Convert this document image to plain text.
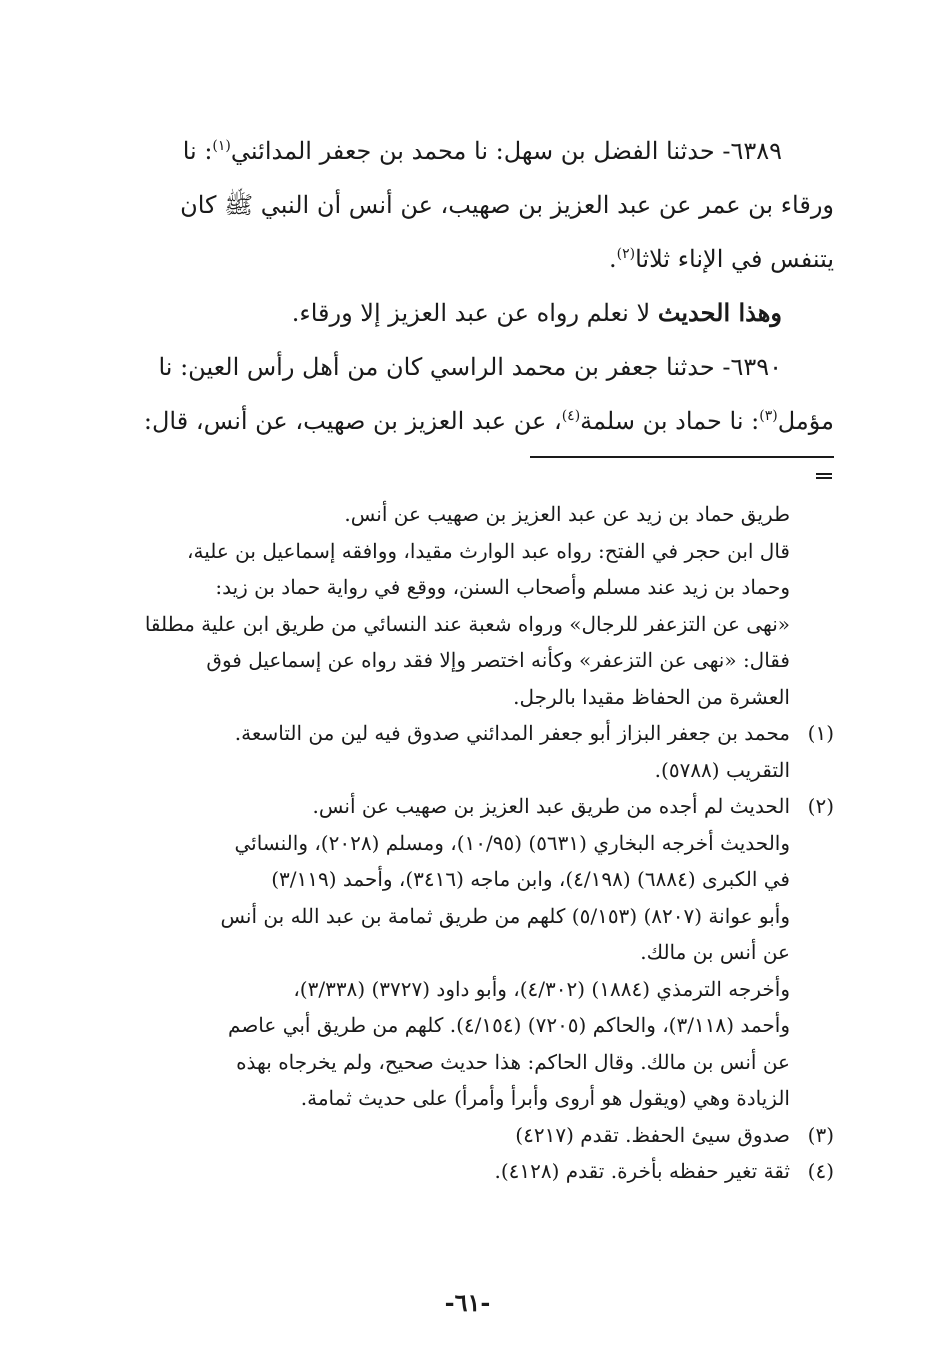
٦٣٨٩- حدثنا الفضل بن سهل: نا محمد بن جعفر المدائني$^{(١)}$: نا

ورقاء بن عمر عن عبد العزيز بن صهيب، عن أنس أن النبي ﷺ كان

يتنفس في الإناء ثلاثا$^{(٢)}$.

وهذا الحديث لا نعلم رواه عن عبد العزيز إلا ورقاء.

٦٣٩٠- حدثنا جعفر بن محمد الراسي كان من أهل رأس العين: نا

مؤمل$^{(٣)}$: نا حماد بن سلمة$^{(٤)}$، عن عبد العزيز بن صهيب، عن أنس، قال:

طريق حماد بن زيد عن عبد العزيز بن صهيب عن أنس.

قال ابن حجر في الفتح: رواه عبد الوارث مقيدا، ووافقه إسماعيل بن علية،

وحماد بن زيد عند مسلم وأصحاب السنن، ووقع في رواية حماد بن زيد:

«نهى عن التزعفر للرجال» ورواه شعبة عند النسائي من طريق ابن علية مطلقا

فقال: «نهى عن التزعفر» وكأنه اختصر وإلا فقد رواه عن إسماعيل فوق

العشرة من الحفاظ مقيدا بالرجل.

(١)

محمد بن جعفر البزاز أبو جعفر المدائني صدوق فيه لين من التاسعة.

التقريب (٥٧٨٨).

(٢)

الحديث لم أجده من طريق عبد العزيز بن صهيب عن أنس.

والحديث أخرجه البخاري (٥٦٣١) (١٠/٩٥)، ومسلم (٢٠٢٨)، والنسائي

في الكبرى (٦٨٨٤) (٤/١٩٨)، وابن ماجه (٣٤١٦)، وأحمد (٣/١١٩)

وأبو عوانة (٨٢٠٧) (٥/١٥٣) كلهم من طريق ثمامة بن عبد الله بن أنس

عن أنس بن مالك.

وأخرجه الترمذي (١٨٨٤) (٤/٣٠٢)، وأبو داود (٣٧٢٧) (٣/٣٣٨)،

وأحمد (٣/١١٨)، والحاكم (٧٢٠٥) (٤/١٥٤). كلهم من طريق أبي عاصم

عن أنس بن مالك. وقال الحاكم: هذا حديث صحيح، ولم يخرجاه بهذه

الزيادة وهي (ويقول هو أروى وأبرأ وأمرأ) على حديث ثمامة.

(٣)

صدوق سيئ الحفظ. تقدم (٤٢١٧)

(٤)

ثقة تغير حفظه بأخرة. تقدم (٤١٢٨).

-٦١-
